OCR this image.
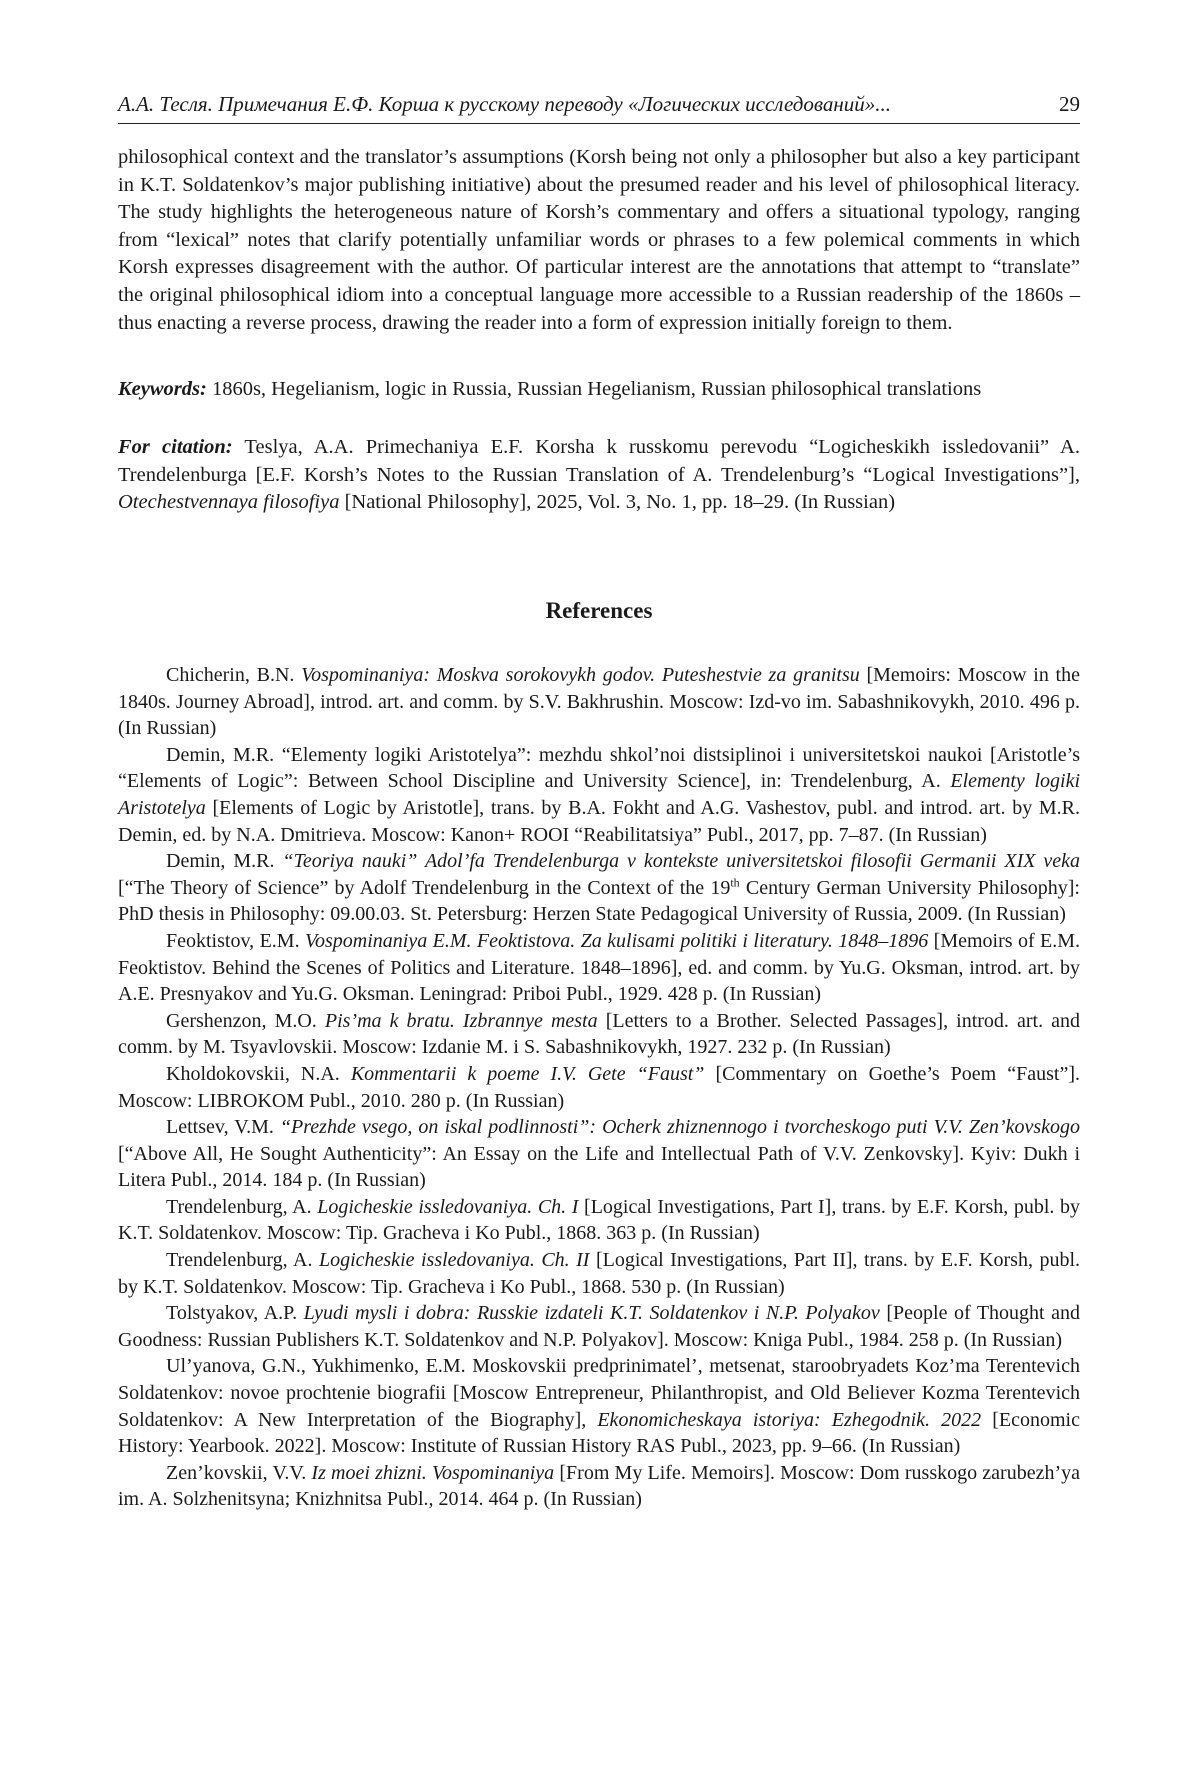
А.А. Тесля. Примечания Е.Ф. Корша к русскому переводу «Логических исследований»...	29

philosophical context and the translator’s assumptions (Korsh being not only a philosopher but also a key participant in K.T. Soldatenkov’s major publishing initiative) about the presumed reader and his level of philosophical literacy. The study highlights the heterogeneous nature of Korsh’s commentary and offers a situational typology, ranging from “lexical” notes that clarify potentially unfamiliar words or phrases to a few polemical comments in which Korsh expresses disagreement with the author. Of particular interest are the annotations that attempt to “translate” the original philosophical idiom into a conceptual language more accessible to a Russian readership of the 1860s – thus enacting a reverse process, drawing the reader into a form of expression initially foreign to them.

Keywords: 1860s, Hegelianism, logic in Russia, Russian Hegelianism, Russian philosophical translations

For citation: Teslya, A.A. Primechaniya E.F. Korsha k russkomu perevodu “Logicheskikh issledovanii” A. Trendelenburga [E.F. Korsh’s Notes to the Russian Translation of A. Trendelenburg’s “Logical Investigations”], Otechestvennaya filosofiya [National Philosophy], 2025, Vol. 3, No. 1, pp. 18–29. (In Russian)

References

Chicherin, B.N. Vospominaniya: Moskva sorokovykh godov. Puteshestvie za granitsu [Memoirs: Moscow in the 1840s. Journey Abroad], introd. art. and comm. by S.V. Bakhrushin. Moscow: Izd-vo im. Sabashnikovykh, 2010. 496 p. (In Russian)

Demin, M.R. “Elementy logiki Aristotelya”: mezhdu shkol’noi distsiplinoi i universitetskoi naukoi [Aristotle’s “Elements of Logic”: Between School Discipline and University Science], in: Trendelenburg, A. Elementy logiki Aristotelya [Elements of Logic by Aristotle], trans. by B.A. Fokht and A.G. Vashestov, publ. and introd. art. by M.R. Demin, ed. by N.A. Dmitrieva. Moscow: Kanon+ ROOI “Reabilitatsiya” Publ., 2017, pp. 7–87. (In Russian)

Demin, M.R. “Teoriya nauki” Adol’fa Trendelenburga v kontekste universitetskoi filosofii Germanii XIX veka [“The Theory of Science” by Adolf Trendelenburg in the Context of the 19th Century German University Philosophy]: PhD thesis in Philosophy: 09.00.03. St. Petersburg: Herzen State Pedagogical University of Russia, 2009. (In Russian)

Feoktistov, E.M. Vospominaniya E.M. Feoktistova. Za kulisami politiki i literatury. 1848–1896 [Memoirs of E.M. Feoktistov. Behind the Scenes of Politics and Literature. 1848–1896], ed. and comm. by Yu.G. Oksman, introd. art. by A.E. Presnyakov and Yu.G. Oksman. Leningrad: Priboi Publ., 1929. 428 p. (In Russian)

Gershenzon, M.O. Pis’ma k bratu. Izbrannye mesta [Letters to a Brother. Selected Passages], introd. art. and comm. by M. Tsyavlovskii. Moscow: Izdanie M. i S. Sabashnikovykh, 1927. 232 p. (In Russian)

Kholdokovskii, N.A. Kommentarii k poeme I.V. Gete “Faust” [Commentary on Goethe’s Poem “Faust”]. Moscow: LIBROKOM Publ., 2010. 280 p. (In Russian)

Lettsev, V.M. “Prezhde vsego, on iskal podlinnosti”: Ocherk zhiznennogo i tvorcheskogo puti V.V. Zen’kovskogo [“Above All, He Sought Authenticity”: An Essay on the Life and Intellectual Path of V.V. Zenkovsky]. Kyiv: Dukh i Litera Publ., 2014. 184 p. (In Russian)

Trendelenburg, A. Logicheskie issledovaniya. Ch. I [Logical Investigations, Part I], trans. by E.F. Korsh, publ. by K.T. Soldatenkov. Moscow: Tip. Gracheva i Ko Publ., 1868. 363 p. (In Russian)

Trendelenburg, A. Logicheskie issledovaniya. Ch. II [Logical Investigations, Part II], trans. by E.F. Korsh, publ. by K.T. Soldatenkov. Moscow: Tip. Gracheva i Ko Publ., 1868. 530 p. (In Russian)

Tolstyakov, A.P. Lyudi mysli i dobra: Russkie izdateli K.T. Soldatenkov i N.P. Polyakov [People of Thought and Goodness: Russian Publishers K.T. Soldatenkov and N.P. Polyakov]. Moscow: Kniga Publ., 1984. 258 p. (In Russian)

Ul’yanova, G.N., Yukhimenko, E.M. Moskovskii predprinimatel’, metsenat, staroobryadets Koz’ma Terentevich Soldatenkov: novoe prochtenie biografii [Moscow Entrepreneur, Philanthropist, and Old Believer Kozma Terentevich Soldatenkov: A New Interpretation of the Biography], Ekonomicheskaya istoriya: Ezhegodnik. 2022 [Economic History: Yearbook. 2022]. Moscow: Institute of Russian History RAS Publ., 2023, pp. 9–66. (In Russian)

Zen’kovskii, V.V. Iz moei zhizni. Vospominaniya [From My Life. Memoirs]. Moscow: Dom russkogo zarubezh’ya im. A. Solzhenitsyna; Knizhnitsa Publ., 2014. 464 p. (In Russian)
